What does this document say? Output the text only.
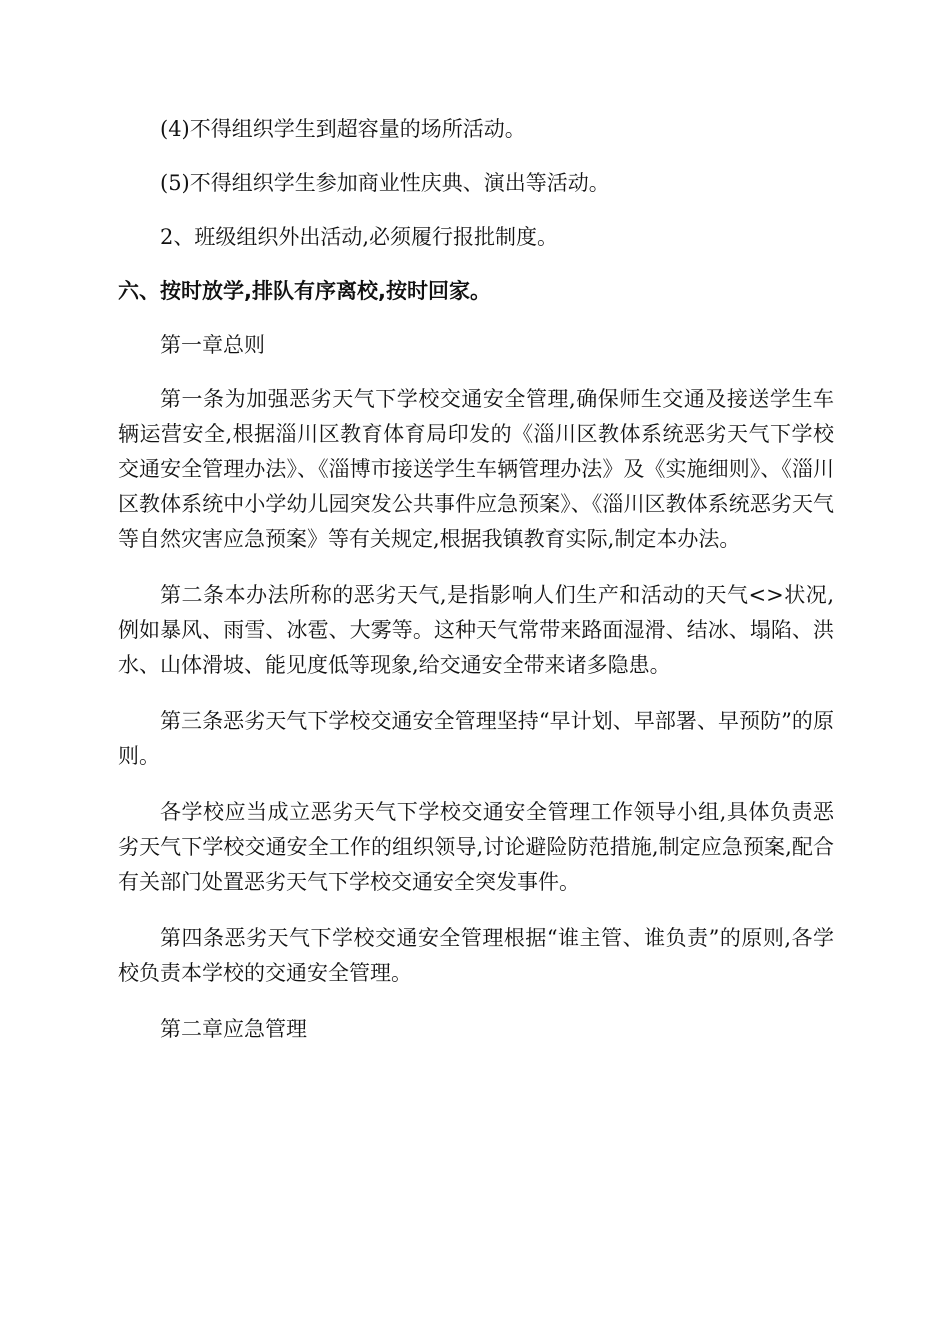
(4)不得组织学生到超容量的场所活动。

(5)不得组织学生参加商业性庆典、演出等活动。

2、班级组织外出活动,必须履行报批制度。

六、按时放学,排队有序离校,按时回家。

第一章总则

第一条为加强恶劣天气下学校交通安全管理,确保师生交通及接送学生车辆运营安全,根据淄川区教育体育局印发的《淄川区教体系统恶劣天气下学校交通安全管理办法》、《淄博市接送学生车辆管理办法》及《实施细则》、《淄川区教体系统中小学幼儿园突发公共事件应急预案》、《淄川区教体系统恶劣天气等自然灾害应急预案》等有关规定,根据我镇教育实际,制定本办法。

第二条本办法所称的恶劣天气,是指影响人们生产和活动的天气<>状况,例如暴风、雨雪、冰雹、大雾等。这种天气常带来路面湿滑、结冰、塌陷、洪水、山体滑坡、能见度低等现象,给交通安全带来诸多隐患。

第三条恶劣天气下学校交通安全管理坚持“早计划、早部署、早预防”的原则。

各学校应当成立恶劣天气下学校交通安全管理工作领导小组,具体负责恶劣天气下学校交通安全工作的组织领导,讨论避险防范措施,制定应急预案,配合有关部门处置恶劣天气下学校交通安全突发事件。

第四条恶劣天气下学校交通安全管理根据“谁主管、谁负责”的原则,各学校负责本学校的交通安全管理。

第二章应急管理
